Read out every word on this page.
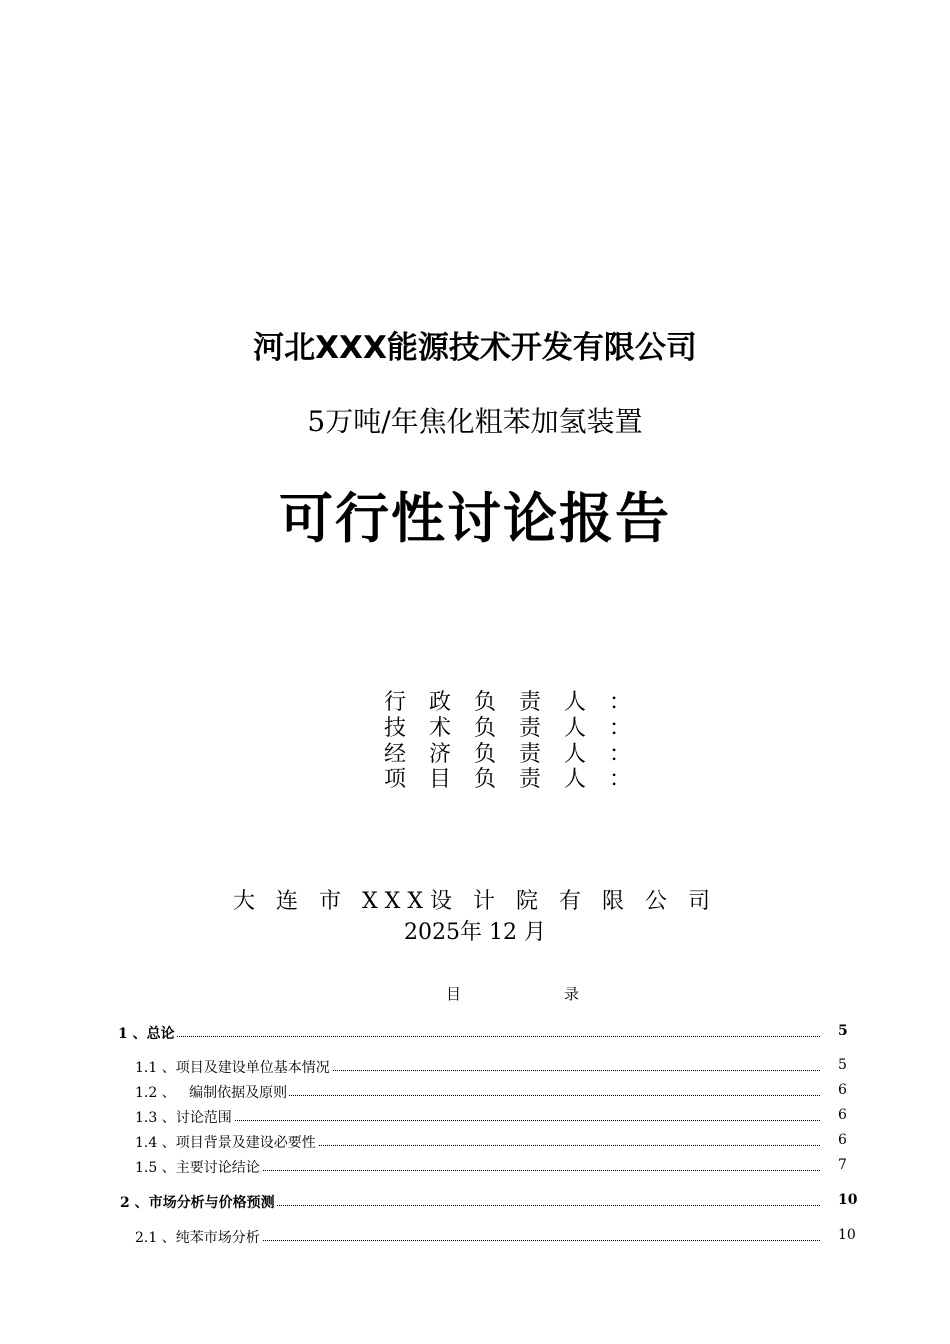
河北XXX能源技术开发有限公司
5万吨/年焦化粗苯加氢装置
可行性讨论报告
行 政 负 责 人 ：
技 术 负 责 人 ：
经 济 负 责 人 ：
项 目 负 责 人 ：
大 连 市 XXX设 计 院 有 限 公 司
2025年 12 月
目	录
1 、总论	5
1.1 、项目及建设单位基本情况	5
1.2 、   编制依据及原则	6
1.3 、讨论范围	6
1.4 、项目背景及建设必要性	6
1.5 、主要讨论结论	7
2 、市场分析与价格预测	10
2.1 、纯苯市场分析	10
